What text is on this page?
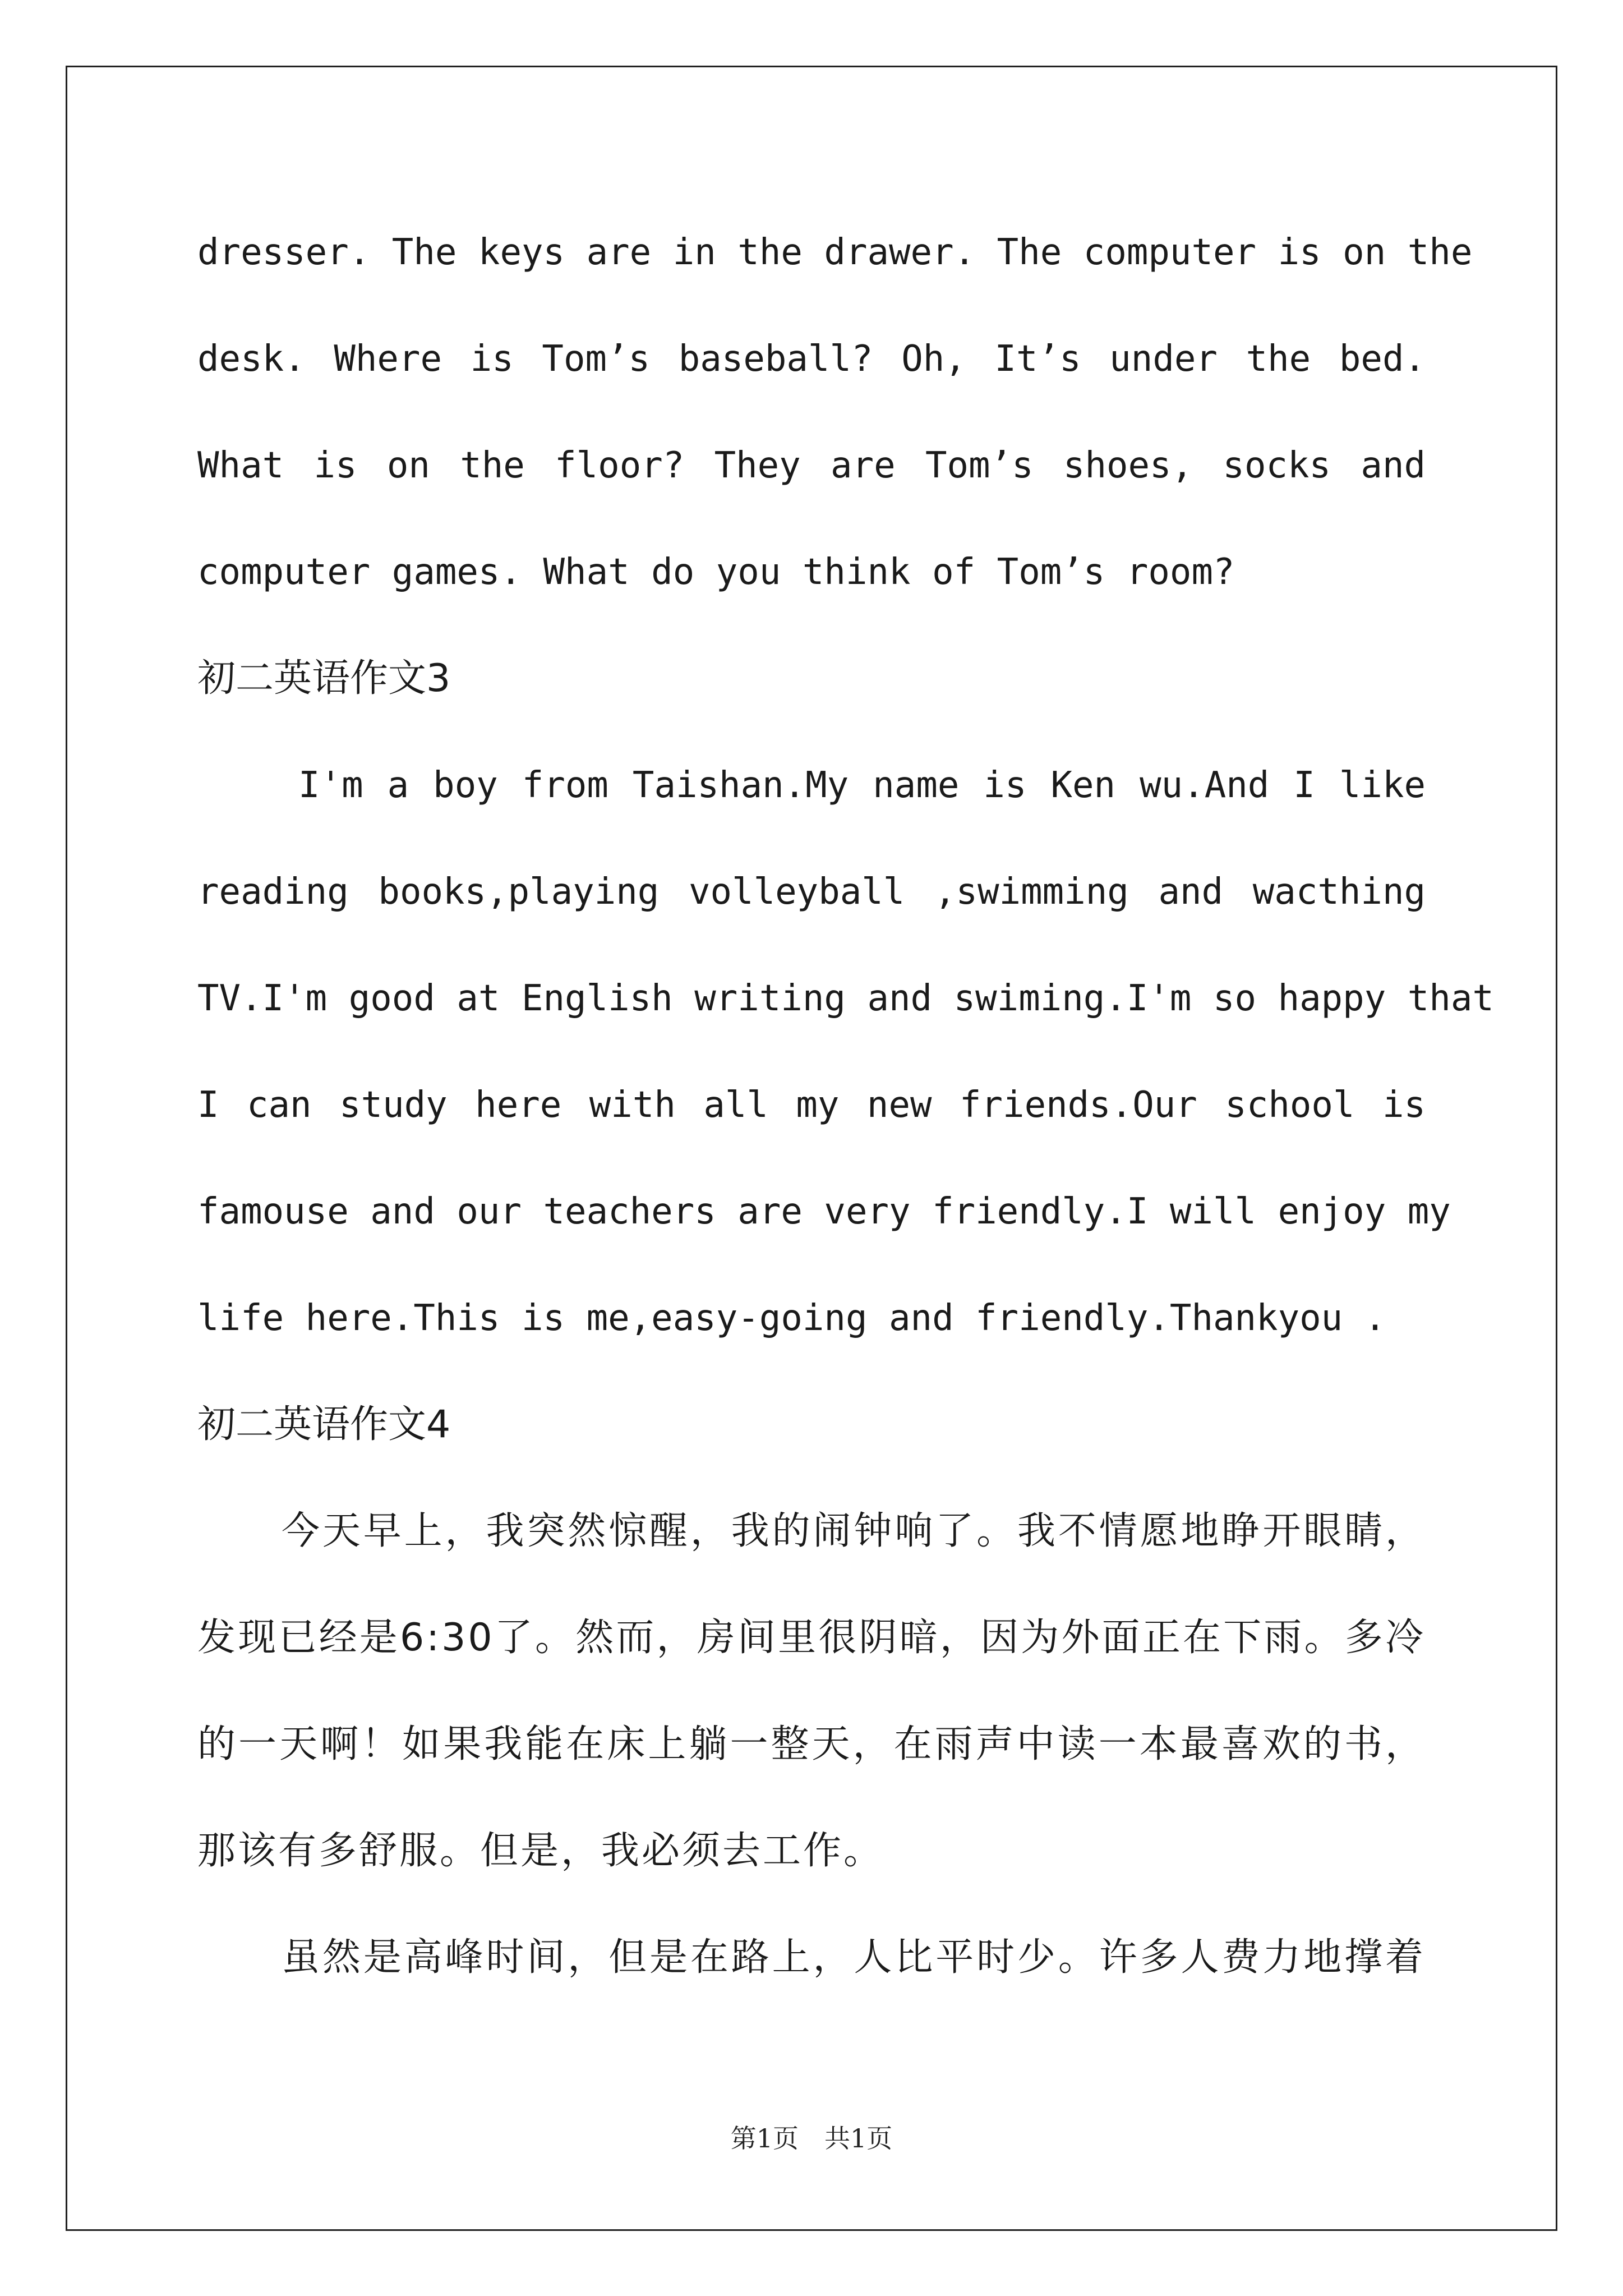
dresser. The keys are in the drawer. The computer is on the
desk. Where is Tom’s baseball? Oh, It’s under the bed.
What is on the floor? They are Tom’s shoes, socks and
computer games. What do you think of Tom’s room?
初二英语作文3
I'm a boy from Taishan.My name is Ken wu.And I like
reading books,playing volleyball ,swimming and wacthing
TV.I'm good at English writing and swiming.I'm so happy that
I can study here with all my new friends.Our school is
famouse and our teachers are very friendly.I will enjoy my
life here.This is me,easy-going and friendly.Thankyou .
初二英语作文4
今天早上，我突然惊醒，我的闹钟响了。我不情愿地睁开眼睛，
发现已经是6:30了。然而，房间里很阴暗，因为外面正在下雨。多冷
的一天啊！如果我能在床上躺一整天，在雨声中读一本最喜欢的书，
那该有多舒服。但是，我必须去工作。
虽然是高峰时间，但是在路上，人比平时少。许多人费力地撑着
第1页　共1页
